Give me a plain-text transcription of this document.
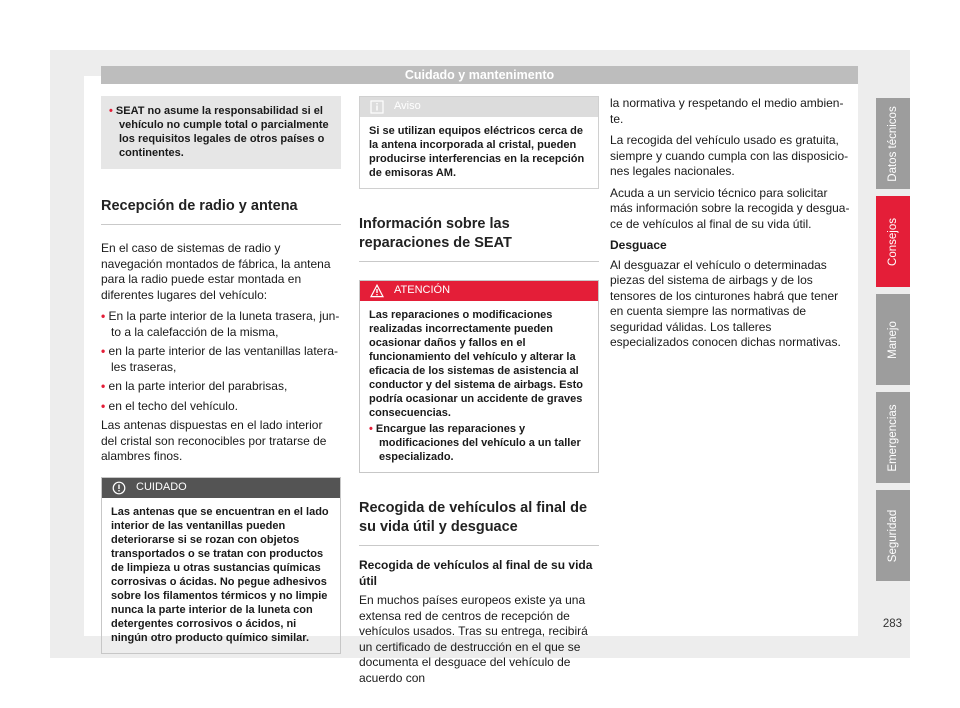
Cuidado y mantenimento
• SEAT no asume la responsabilidad si el vehículo no cumple total o parcialmente los requisitos legales de otros países o continentes.
Recepción de radio y antena

En el caso de sistemas de radio y navegación montados de fábrica, la antena para la radio puede estar montada en diferentes lugares del vehículo:

• En la parte interior de la luneta trasera, junto a la calefacción de la misma,
• en la parte interior de las ventanillas laterales traseras,
• en la parte interior del parabrisas,
• en el techo del vehículo.

Las antenas dispuestas en el lado interior del cristal son reconocibles por tratarse de alambres finos.

CUIDADO
Las antenas que se encuentran en el lado interior de las ventanillas pueden deteriorarse si se rozan con objetos transportados o se tratan con productos de limpieza u otras sustancias químicas corrosivas o ácidas. No pegue adhesivos sobre los filamentos térmicos y no limpie nunca la parte interior de la luneta con detergentes corrosivos o ácidos, ni ningún otro producto químico similar.
Aviso
Si se utilizan equipos eléctricos cerca de la antena incorporada al cristal, pueden producirse interferencias en la recepción de emisoras AM.
Información sobre las reparaciones de SEAT
ATENCIÓN
Las reparaciones o modificaciones realizadas incorrectamente pueden ocasionar daños y fallos en el funcionamiento del vehículo y alterar la eficacia de los sistemas de asistencia al conductor y del sistema de airbags. Esto podría ocasionar un accidente de graves consecuencias.
• Encargue las reparaciones y modificaciones del vehículo a un taller especializado.
Recogida de vehículos al final de su vida útil y desguace

Recogida de vehículos al final de su vida útil

En muchos países europeos existe ya una extensa red de centros de recepción de vehículos usados. Tras su entrega, recibirá un certificado de destrucción en el que se documenta el desguace del vehículo de acuerdo con

la normativa y respetando el medio ambiente.

La recogida del vehículo usado es gratuita, siempre y cuando cumpla con las disposiciones legales nacionales.

Acuda a un servicio técnico para solicitar más información sobre la recogida y desguace de vehículos al final de su vida útil.

Desguace

Al desguazar el vehículo o determinadas piezas del sistema de airbags y de los tensores de los cinturones habrá que tener en cuenta siempre las normativas de seguridad válidas. Los talleres especializados conocen dichas normativas.

Datos técnicos
Consejos
Manejo
Emergencias
Seguridad
283
